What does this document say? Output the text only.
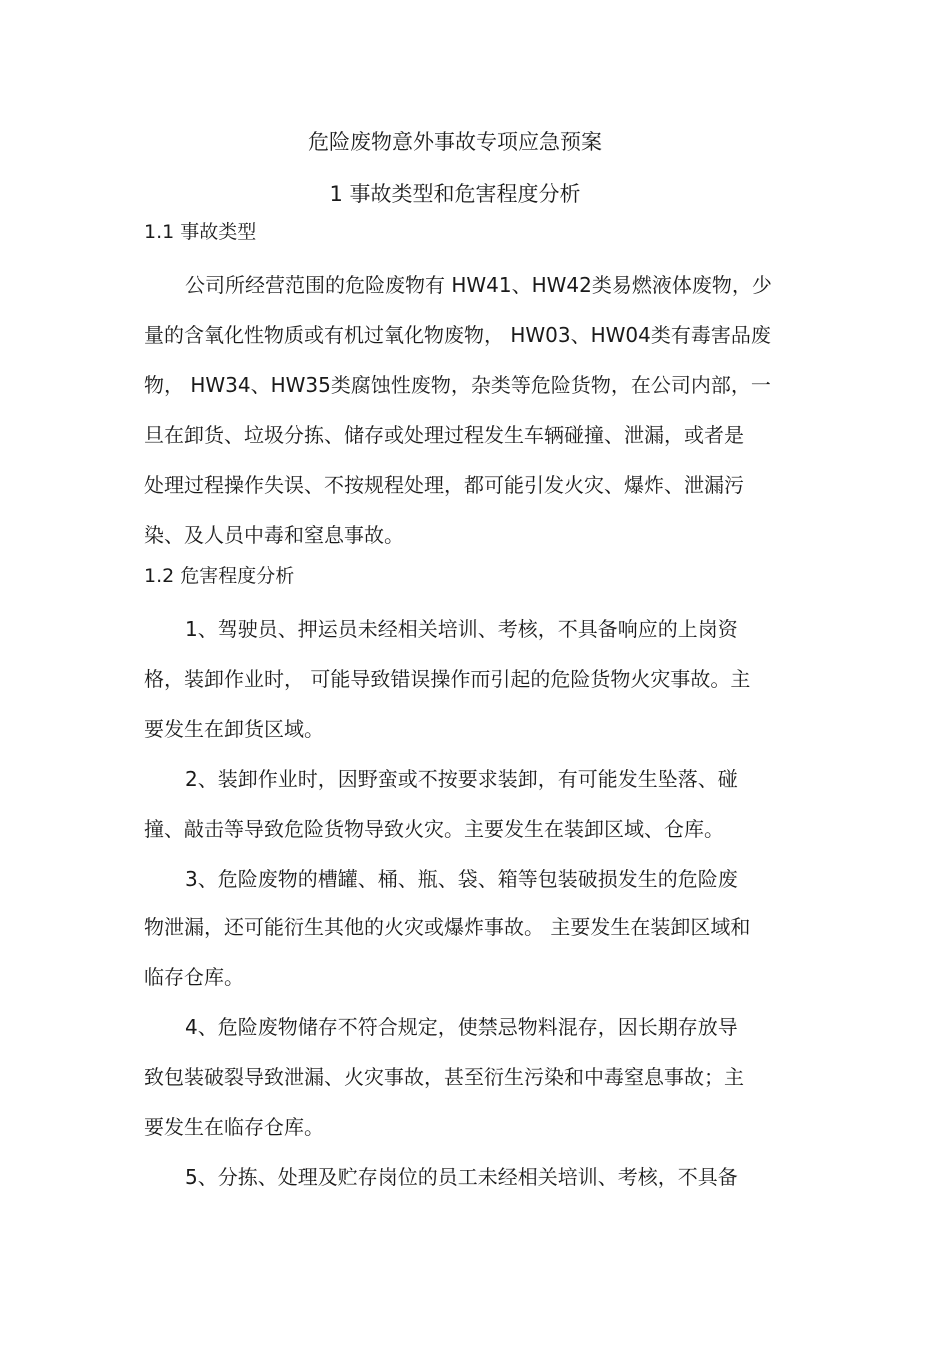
危险废物意外事故专项应急预案
1 事故类型和危害程度分析
1.1 事故类型
公司所经营范围的危险废物有 HW41、HW42类易燃液体废物，少
量的含氧化性物质或有机过氧化物废物， HW03、HW04类有毒害品废
物， HW34、HW35类腐蚀性废物，杂类等危险货物，在公司内部，一
旦在卸货、垃圾分拣、储存或处理过程发生车辆碰撞、泄漏，或者是
处理过程操作失误、不按规程处理，都可能引发火灾、爆炸、泄漏污
染、及人员中毒和窒息事故。
1.2 危害程度分析
1、驾驶员、押运员未经相关培训、考核，不具备响应的上岗资
格，装卸作业时， 可能导致错误操作而引起的危险货物火灾事故。主
要发生在卸货区域。
2、装卸作业时，因野蛮或不按要求装卸，有可能发生坠落、碰
撞、敲击等导致危险货物导致火灾。主要发生在装卸区域、仓库。
3、危险废物的槽罐、桶、瓶、袋、箱等包装破损发生的危险废
物泄漏，还可能衍生其他的火灾或爆炸事故。 主要发生在装卸区域和
临存仓库。
4、危险废物储存不符合规定，使禁忌物料混存，因长期存放导
致包装破裂导致泄漏、火灾事故，甚至衍生污染和中毒窒息事故；主
要发生在临存仓库。
5、分拣、处理及贮存岗位的员工未经相关培训、考核，不具备
